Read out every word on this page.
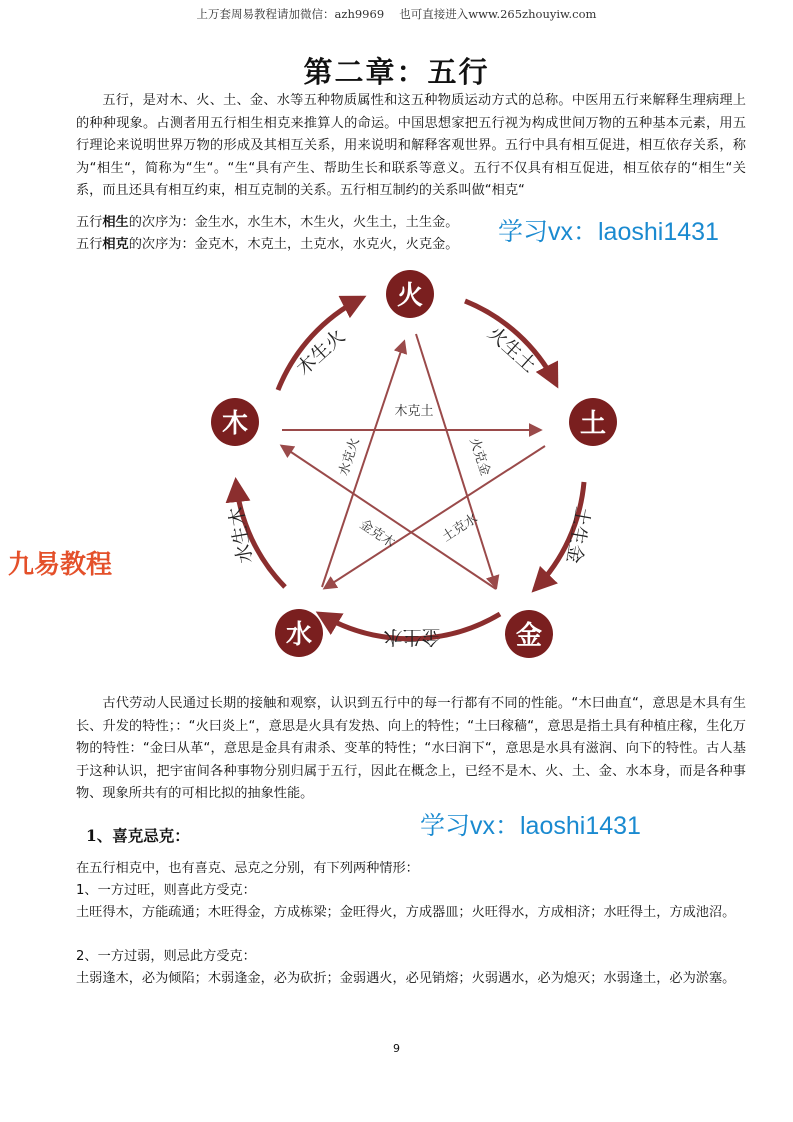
上万套周易教程请加微信：azh9969　 也可直接进入www.265zhouyiw.com
第二章：五行

五行，是对木、火、土、金、水等五种物质属性和这五种物质运动方式的总称。中医用五行来解释生理病理上的种种现象。占测者用五行相生相克来推算人的命运。中国思想家把五行视为构成世间万物的五种基本元素，用五行理论来说明世界万物的形成及其相互关系，用来说明和解释客观世界。五行中具有相互促进，相互依存关系，称为“相生“，简称为“生“。“生“具有产生、帮助生长和联系等意义。五行不仅具有相互促进，相互依存的“相生“关系，而且还具有相互约束，相互克制的关系。五行相互制约的关系叫做“相克“

五行相生的次序为：金生水，水生木，木生火，火生土，土生金。
五行相克的次序为：金克木，木克土，土克水，水克火，火克金。 学习vx：laoshi1431
九易教程
火
土
金
水
木
木生火	火生土
土生金
金生水
水生木
木克土
水克火	火克金
金克木	土克水

古代劳动人民通过长期的接触和观察，认识到五行中的每一行都有不同的性能。“木曰曲直“，意思是木具有生长、升发的特性；：“火曰炎上“，意思是火具有发热、向上的特性；“土曰稼穑“，意思是指土具有种植庄稼，生化万物的特性：“金曰从革“，意思是金具有肃杀、变革的特性；“水曰润下“，意思是水具有滋润、向下的特性。古人基于这种认识，把宇宙间各种事物分别归属于五行，因此在概念上，已经不是木、火、土、金、水本身，而是各种事物、现象所共有的可相比拟的抽象性能。

1、喜克忌克：	学习vx：laoshi1431
在五行相克中，也有喜克、忌克之分别，有下列两种情形：
1、一方过旺，则喜此方受克：

土旺得木，方能疏通；木旺得金，方成栋梁；金旺得火，方成器皿；火旺得水，方成相济；水旺得土，方成池沼。

2、一方过弱，则忌此方受克：

土弱逢木，必为倾陷；木弱逢金，必为砍折；金弱遇火，必见销熔；火弱遇水，必为熄灭；水弱逢土，必为淤塞。

9
